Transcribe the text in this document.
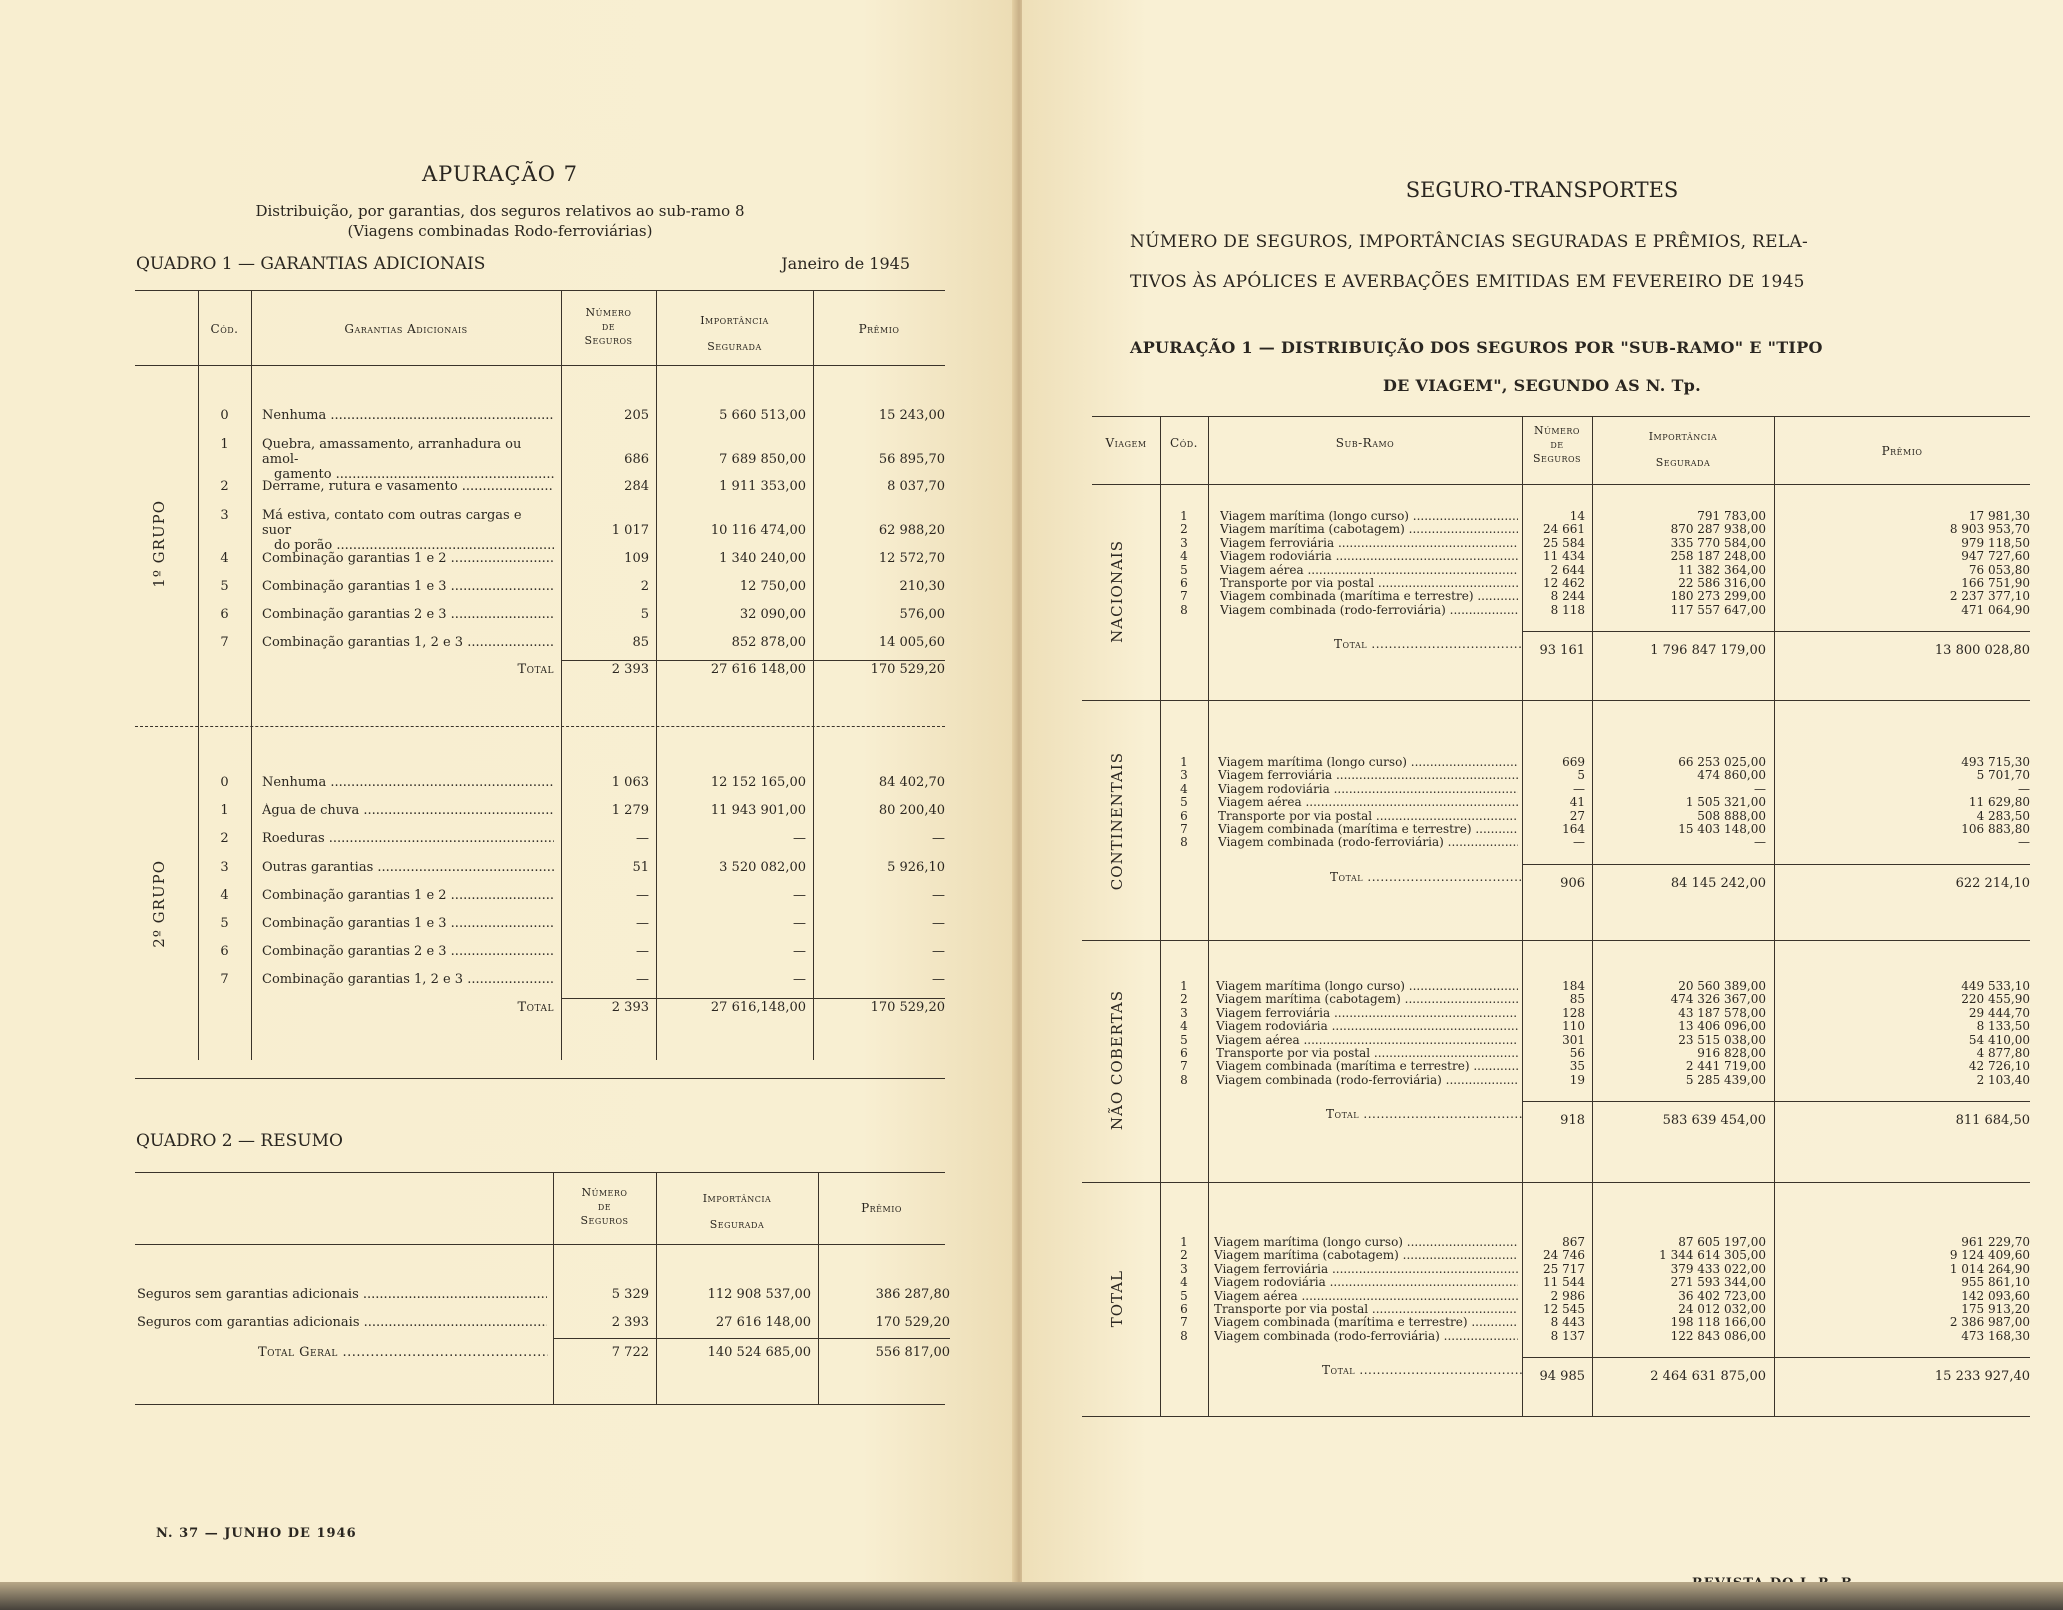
APURAÇÃO 7
Distribuição, por garantias, dos seguros relativos ao sub-ramo 8
(Viagens combinadas Rodo-ferroviárias)
QUADRO 1 — GARANTIAS ADICIONAIS	Janeiro de 1945
Cód.	Garantias Adicionais
Número
de
Seguros
Importância
Segurada
Prêmio
1º GRUPO
0	Nenhuma .....	205	5 660 513,00	15 243,00
1	Quebra, amassamento, arranhadura ou amol-
gamento .....
686	7 689 850,00	56 895,70
2	Derrame, rutura e vasamento .....	284	1 911 353,00	8 037,70
3	Má estiva, contato com outras cargas e suor
do porão .....
1 017	10 116 474,00	62 988,20
4	Combinação garantias 1 e 2 .....	109	1 340 240,00	12 572,70
5	Combinação garantias 1 e 3 .....	2	12 750,00	210,30
6	Combinação garantias 2 e 3 .....	5	32 090,00	576,00
7	Combinação garantias 1, 2 e 3 .....	85	852 878,00	14 005,60
Total	2 393	27 616 148,00	170 529,20
2º GRUPO
0	Nenhuma .....	1 063	12 152 165,00	84 402,70
1	Água de chuva .....	1 279	11 943 901,00	80 200,40
2	Roeduras .....	—	—	—
3	Outras garantias .....	51	3 520 082,00	5 926,10
4	Combinação garantias 1 e 2 .....	—	—	—
5	Combinação garantias 1 e 3 .....	—	—	—
6	Combinação garantias 2 e 3 .....	—	—	—
7	Combinação garantias 1, 2 e 3 .....	—	—	—
Total	2 393	27 616,148,00	170 529,20
QUADRO 2 — RESUMO
Número
de
Seguros
Importância
Segurada
Prêmio
Seguros sem garantias adicionais .....	5 329	112 908 537,00	386 287,80
Seguros com garantias adicionais .....	2 393	27 616 148,00	170 529,20
Total Geral .....	7 722	140 524 685,00	556 817,00
N. 37 — JUNHO DE 1946
SEGURO-TRANSPORTES
NÚMERO DE SEGUROS, IMPORTÂNCIAS SEGURADAS E PRÊMIOS, RELA-
TIVOS ÀS APÓLICES E AVERBAÇÕES EMITIDAS EM FEVEREIRO DE 1945
APURAÇÃO 1 — DISTRIBUIÇÃO DOS SEGUROS POR "SUB-RAMO" E "TIPO
DE VIAGEM", SEGUNDO AS N. Tp.
Viagem	Cód.	Sub-Ramo
Número
de
Seguros
Importância
Segurada
Prêmio
NACIONAIS
1	Viagem marítima (longo curso) .....	14	791 783,00	17 981,30
2	Viagem marítima (cabotagem) .....	24 661	870 287 938,00	8 903 953,70
3	Viagem ferroviária .....	25 584	335 770 584,00	979 118,50
4	Viagem rodoviária .....	11 434	258 187 248,00	947 727,60
5	Viagem aérea .....	2 644	11 382 364,00	76 053,80
6	Transporte por via postal .....	12 462	22 586 316,00	166 751,90
7	Viagem combinada (marítima e terrestre) .....	8 244	180 273 299,00	2 237 377,10
8	Viagem combinada (rodo-ferroviária) .....	8 118	117 557 647,00	471 064,90
Total .....	93 161	1 796 847 179,00	13 800 028,80
CONTINENTAIS	1	Viagem marítima (longo curso) .....	669	66 253 025,00	493 715,30
3	Viagem ferroviária .....	5	474 860,00	5 701,70
4	Viagem rodoviária .....	—	—	—
5	Viagem aérea .....	41	1 505 321,00	11 629,80
6	Transporte por via postal .....	27	508 888,00	4 283,50
7	Viagem combinada (marítima e terrestre) .....	164	15 403 148,00	106 883,80
8	Viagem combinada (rodo-ferroviária) .....	—	—	—
Total .....	906	84 145 242,00	622 214,10
NÃO COBERTAS
1	Viagem marítima (longo curso) .....	184	20 560 389,00	449 533,10
2	Viagem marítima (cabotagem) .....	85	474 326 367,00	220 455,90
3	Viagem ferroviária .....	128	43 187 578,00	29 444,70
4	Viagem rodoviária .....	110	13 406 096,00	8 133,50
5	Viagem aérea .....	301	23 515 038,00	54 410,00
6	Transporte por via postal .....	56	916 828,00	4 877,80
7	Viagem combinada (marítima e terrestre) .....	35	2 441 719,00	42 726,10
8	Viagem combinada (rodo-ferroviária) .....	19	5 285 439,00	2 103,40
Total .....	918	583 639 454,00	811 684,50
TOTAL
1	Viagem marítima (longo curso) .....	867	87 605 197,00	961 229,70
2	Viagem marítima (cabotagem) .....	24 746	1 344 614 305,00	9 124 409,60
3	Viagem ferroviária .....	25 717	379 433 022,00	1 014 264,90
4	Viagem rodoviária .....	11 544	271 593 344,00	955 861,10
5	Viagem aérea .....	2 986	36 402 723,00	142 093,60
6	Transporte por via postal .....	12 545	24 012 032,00	175 913,20
7	Viagem combinada (marítima e terrestre) .....	8 443	198 118 166,00	2 386 987,00
8	Viagem combinada (rodo-ferroviária) .....	8 137	122 843 086,00	473 168,30
Total .....	94 985	2 464 631 875,00	15 233 927,40
